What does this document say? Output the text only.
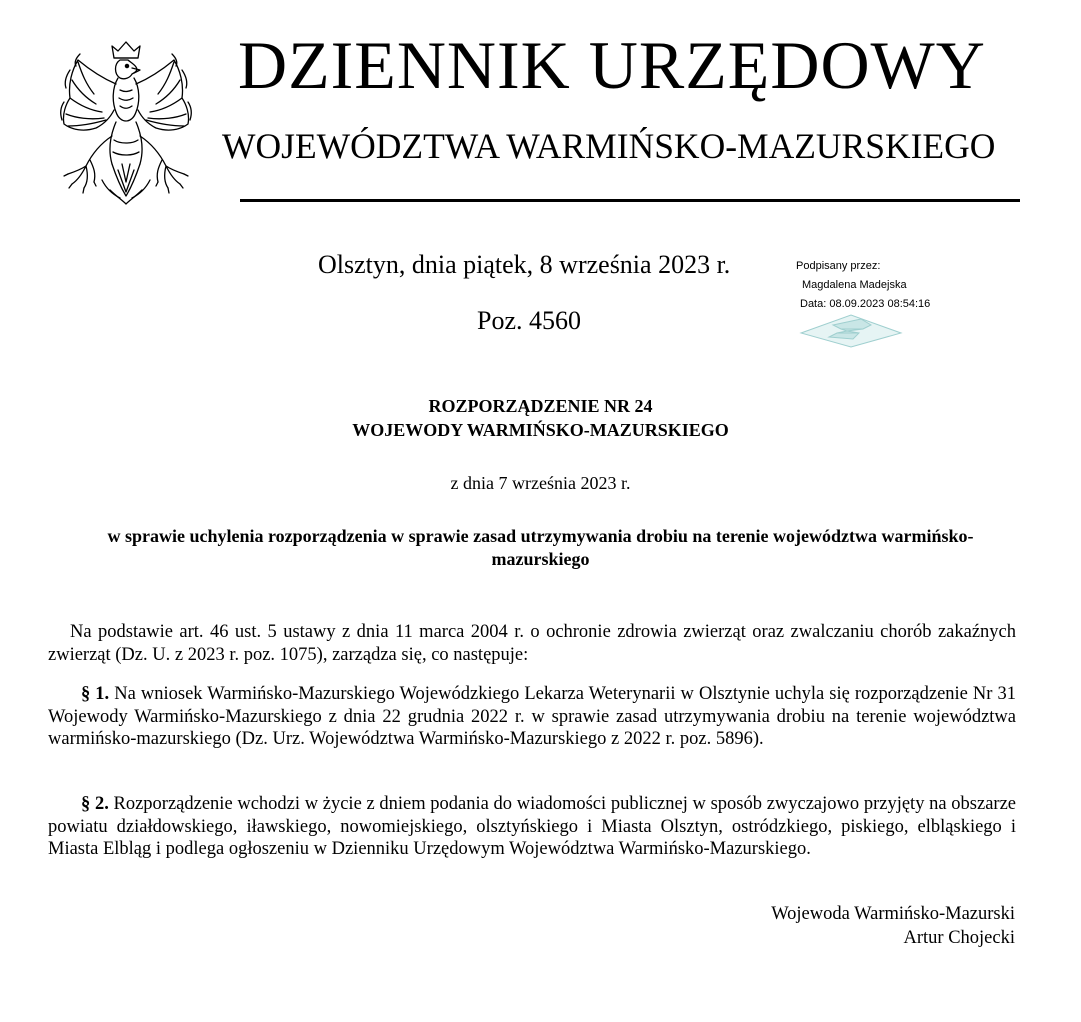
DZIENNIK URZĘDOWY
WOJEWÓDZTWA WARMIŃSKO-MAZURSKIEGO
Olsztyn, dnia piątek, 8 września 2023 r.
Poz. 4560
Podpisany przez:
Magdalena Madejska
Data: 08.09.2023 08:54:16
ROZPORZĄDZENIE NR 24
WOJEWODY WARMIŃSKO-MAZURSKIEGO
z dnia 7 września 2023 r.
w sprawie uchylenia rozporządzenia w sprawie zasad utrzymywania drobiu na terenie województwa warmińsko-mazurskiego
Na podstawie art. 46 ust. 5 ustawy z dnia 11 marca 2004 r. o ochronie zdrowia zwierząt oraz zwalczaniu chorób zakaźnych zwierząt (Dz. U. z 2023 r. poz. 1075), zarządza się, co następuje:
§ 1. Na wniosek Warmińsko-Mazurskiego Wojewódzkiego Lekarza Weterynarii w Olsztynie uchyla się rozporządzenie Nr 31 Wojewody Warmińsko-Mazurskiego z dnia 22 grudnia 2022 r. w sprawie zasad utrzymywania drobiu na terenie województwa warmińsko-mazurskiego (Dz. Urz. Województwa Warmińsko-Mazurskiego z 2022 r. poz. 5896).
§ 2. Rozporządzenie wchodzi w życie z dniem podania do wiadomości publicznej w sposób zwyczajowo przyjęty na obszarze powiatu działdowskiego, iławskiego, nowomiejskiego, olsztyńskiego i Miasta Olsztyn, ostródzkiego, piskiego, elbląskiego i Miasta Elbląg i podlega ogłoszeniu w Dzienniku Urzędowym Województwa Warmińsko-Mazurskiego.
Wojewoda Warmińsko-Mazurski
Artur Chojecki
